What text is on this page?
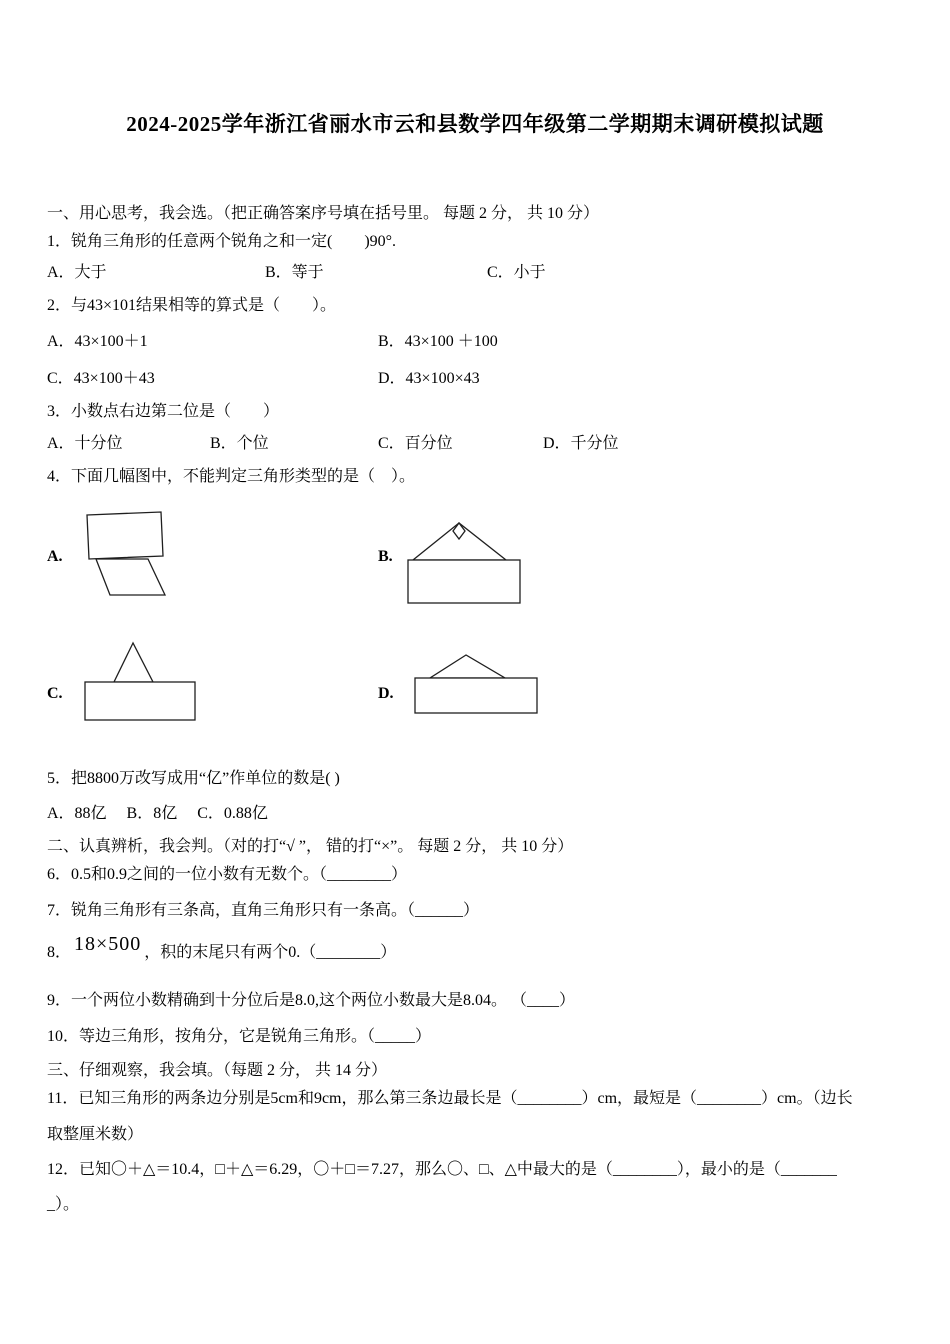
2024-2025学年浙江省丽水市云和县数学四年级第二学期期末调研模拟试题
一、用心思考，我会选。（把正确答案序号填在括号里。 每题 2 分， 共 10 分）
1．锐角三角形的任意两个锐角之和一定(　　)90°.
A．大于	B．等于	C．小于
2．与43×101结果相等的算式是（　　）。
A．43×100＋1	B．43×100 ＋100
C．43×100＋43	D．43×100×43
3．小数点右边第二位是（　　）
A．十分位	B．个位	C．百分位	D．千分位
4．下面几幅图中，不能判定三角形类型的是（　）。
A.	B.
C.	D.
5．把8800万改写成用“亿”作单位的数是( )
A．88亿　 B．8亿 　C．0.88亿
二、认真辨析，我会判。（对的打“√ ”， 错的打“×”。 每题 2 分， 共 10 分）
6．0.5和0.9之间的一位小数有无数个。（________）
7．锐角三角形有三条高，直角三角形只有一条高。（______）
8． 18×500 ，积的末尾只有两个0.（________）
9．一个两位小数精确到十分位后是8.0,这个两位小数最大是8.04。 （____）
10．等边三角形，按角分，它是锐角三角形。（_____）
三、仔细观察，我会填。（每题 2 分， 共 14 分）
11．已知三角形的两条边分别是5cm和9cm，那么第三条边最长是（________）cm，最短是（________）cm。（边长
取整厘米数）
12．已知〇＋△＝10.4，□＋△＝6.29，〇＋□＝7.27，那么〇、□、△中最大的是（________），最小的是（_______
_）。
